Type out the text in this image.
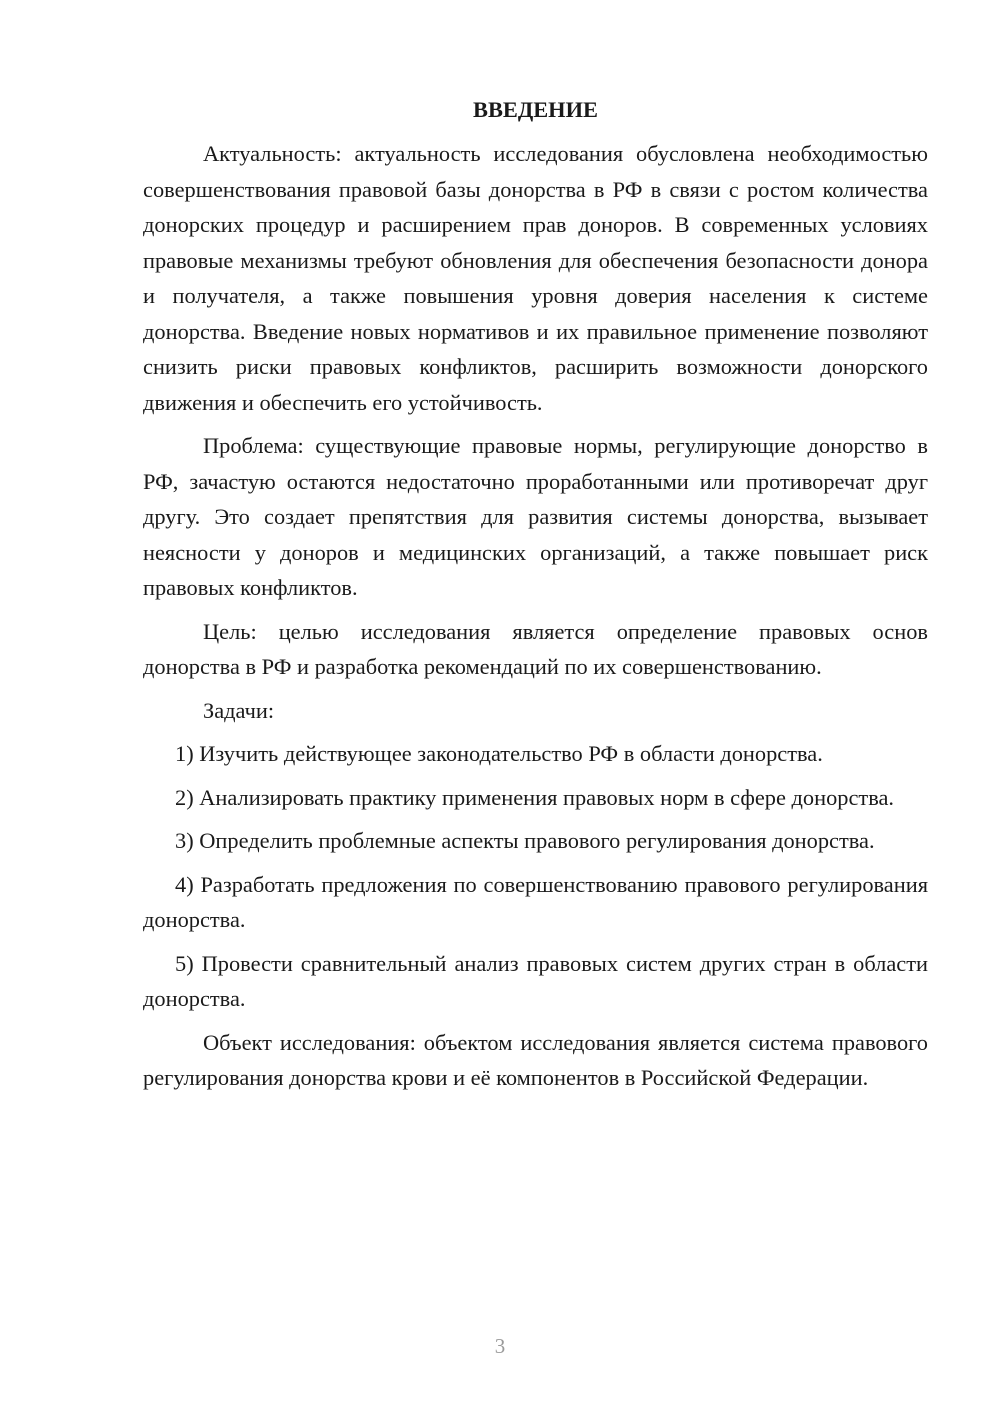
ВВЕДЕНИЕ

Актуальность: актуальность исследования обусловлена необходимостью совершенствования правовой базы донорства в РФ в связи с ростом количества донорских процедур и расширением прав доноров. В современных условиях правовые механизмы требуют обновления для обеспечения безопасности донора и получателя, а также повышения уровня доверия населения к системе донорства. Введение новых нормативов и их правильное применение позволяют снизить риски правовых конфликтов, расширить возможности донорского движения и обеспечить его устойчивость.

Проблема: существующие правовые нормы, регулирующие донорство в РФ, зачастую остаются недостаточно проработанными или противоречат друг другу. Это создает препятствия для развития системы донорства, вызывает неясности у доноров и медицинских организаций, а также повышает риск правовых конфликтов.

Цель: целью исследования является определение правовых основ донорства в РФ и разработка рекомендаций по их совершенствованию.

Задачи:

1) Изучить действующее законодательство РФ в области донорства.

2) Анализировать практику применения правовых норм в сфере донорства.

3) Определить проблемные аспекты правового регулирования донорства.

4) Разработать предложения по совершенствованию правового регулирования донорства.

5) Провести сравнительный анализ правовых систем других стран в области донорства.

Объект исследования: объектом исследования является система правового регулирования донорства крови и её компонентов в Российской Федерации.

3
